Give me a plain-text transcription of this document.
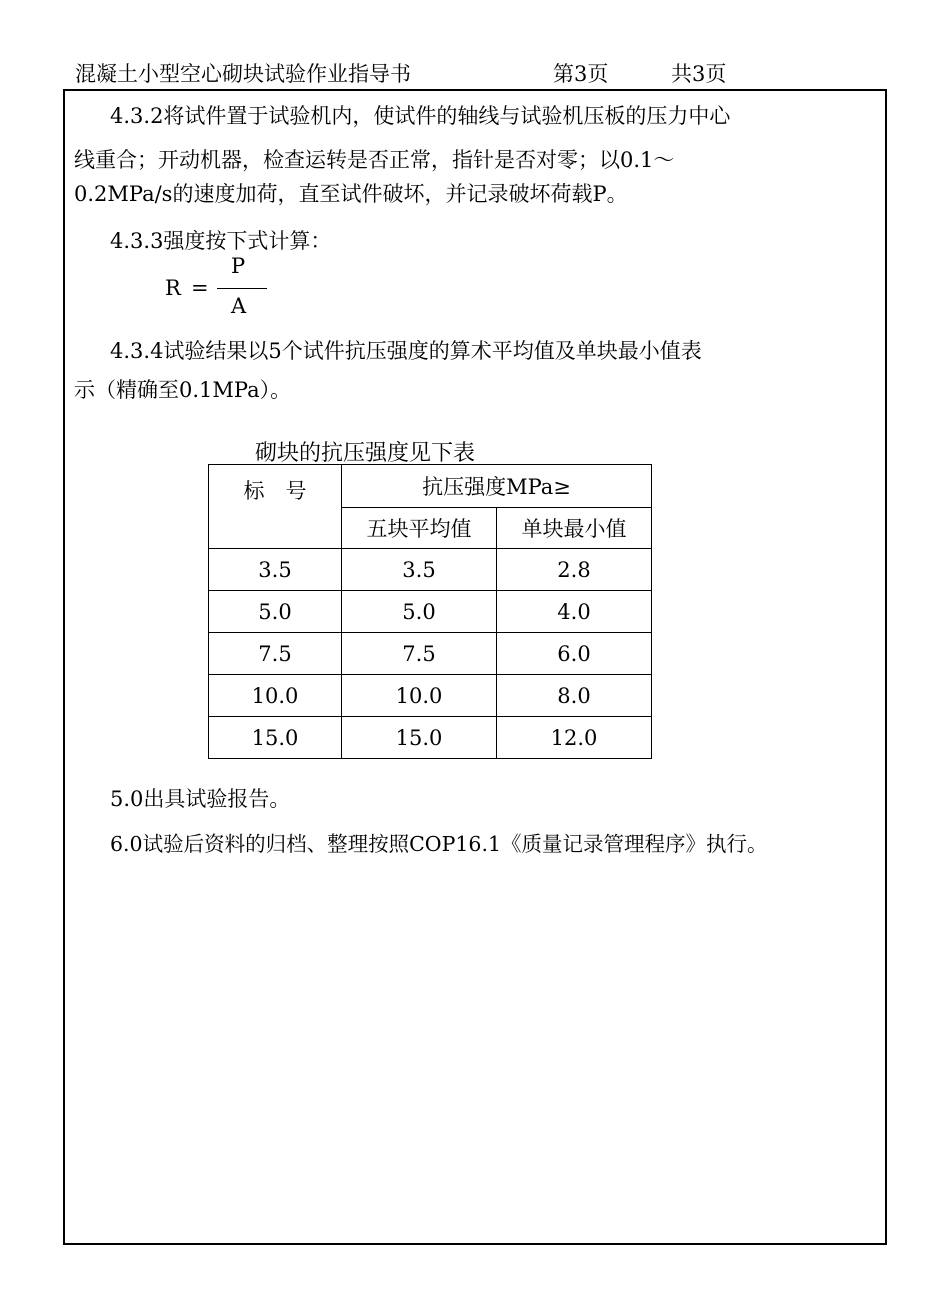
混凝土小型空心砌块试验作业指导书	第3页	共3页
4.3.2将试件置于试验机内，使试件的轴线与试验机压板的压力中心
线重合；开动机器，检查运转是否正常，指针是否对零；以0.1～
0.2MPa/s的速度加荷，直至试件破坏，并记录破坏荷载P。
4.3.3强度按下式计算：
R =
P
A
4.3.4试验结果以5个试件抗压强度的算术平均值及单块最小值表
示（精确至0.1MPa）。
砌块的抗压强度见下表
标　号	抗压强度MPa≥	
	五块平均值	单块最小值
3.5	3.5	2.8
5.0	5.0	4.0
7.5	7.5	6.0
10.0	10.0	8.0
15.0	15.0	12.0
5.0出具试验报告。
6.0试验后资料的归档、整理按照COP16.1《质量记录管理程序》执行。
